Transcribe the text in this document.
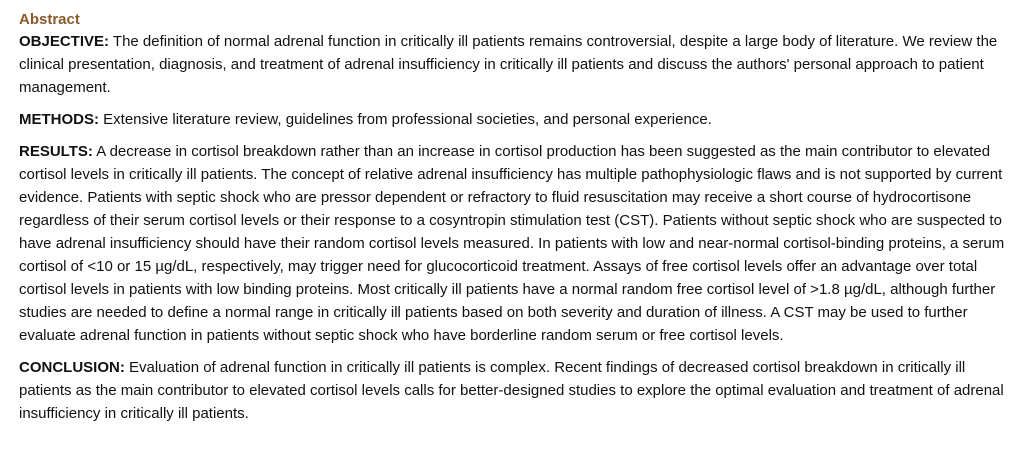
Abstract

OBJECTIVE: The definition of normal adrenal function in critically ill patients remains controversial, despite a large body of literature. We review the clinical presentation, diagnosis, and treatment of adrenal insufficiency in critically ill patients and discuss the authors' personal approach to patient management.

METHODS: Extensive literature review, guidelines from professional societies, and personal experience.

RESULTS: A decrease in cortisol breakdown rather than an increase in cortisol production has been suggested as the main contributor to elevated cortisol levels in critically ill patients. The concept of relative adrenal insufficiency has multiple pathophysiologic flaws and is not supported by current evidence. Patients with septic shock who are pressor dependent or refractory to fluid resuscitation may receive a short course of hydrocortisone regardless of their serum cortisol levels or their response to a cosyntropin stimulation test (CST). Patients without septic shock who are suspected to have adrenal insufficiency should have their random cortisol levels measured. In patients with low and near-normal cortisol-binding proteins, a serum cortisol of <10 or 15 µg/dL, respectively, may trigger need for glucocorticoid treatment. Assays of free cortisol levels offer an advantage over total cortisol levels in patients with low binding proteins. Most critically ill patients have a normal random free cortisol level of >1.8 µg/dL, although further studies are needed to define a normal range in critically ill patients based on both severity and duration of illness. A CST may be used to further evaluate adrenal function in patients without septic shock who have borderline random serum or free cortisol levels.

CONCLUSION: Evaluation of adrenal function in critically ill patients is complex. Recent findings of decreased cortisol breakdown in critically ill patients as the main contributor to elevated cortisol levels calls for better-designed studies to explore the optimal evaluation and treatment of adrenal insufficiency in critically ill patients.
